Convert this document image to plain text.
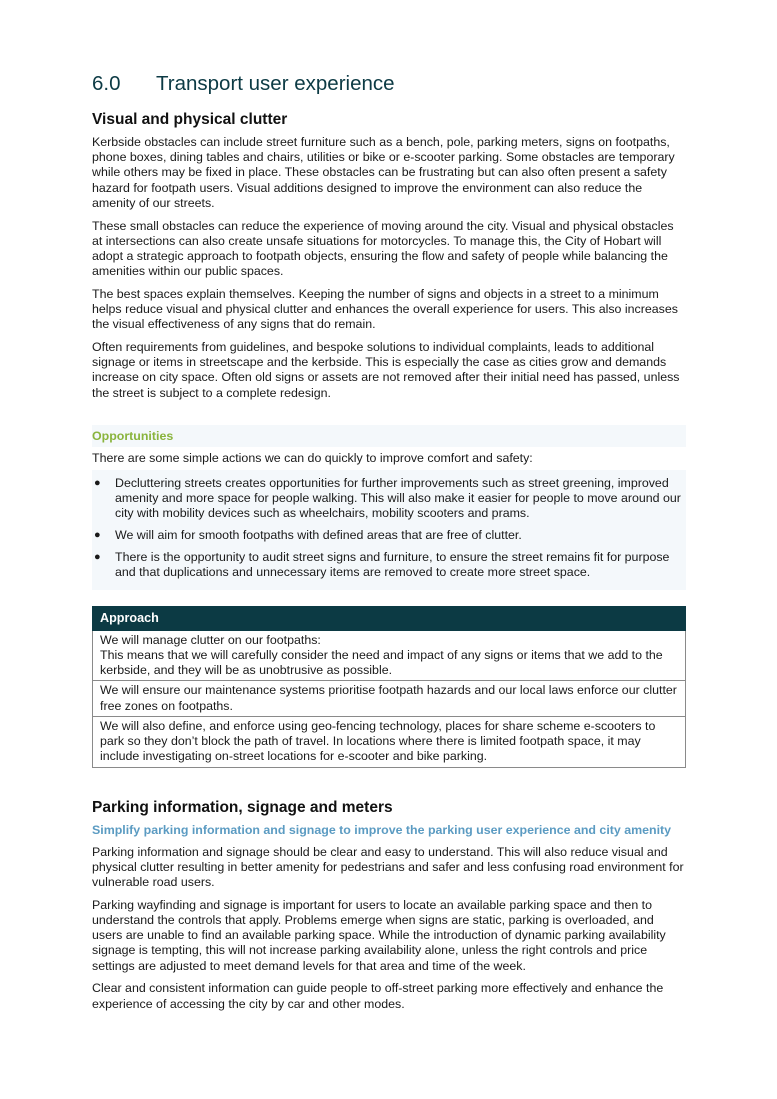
6.0	Transport user experience
Visual and physical clutter

Kerbside obstacles can include street furniture such as a bench, pole, parking meters, signs on footpaths, phone boxes, dining tables and chairs, utilities or bike or e-scooter parking. Some obstacles are temporary while others may be fixed in place. These obstacles can be frustrating but can also often present a safety hazard for footpath users. Visual additions designed to improve the environment can also reduce the amenity of our streets.

These small obstacles can reduce the experience of moving around the city. Visual and physical obstacles at intersections can also create unsafe situations for motorcycles. To manage this, the City of Hobart will adopt a strategic approach to footpath objects, ensuring the flow and safety of people while balancing the amenities within our public spaces.

The best spaces explain themselves. Keeping the number of signs and objects in a street to a minimum helps reduce visual and physical clutter and enhances the overall experience for users. This also increases the visual effectiveness of any signs that do remain.

Often requirements from guidelines, and bespoke solutions to individual complaints, leads to additional signage or items in streetscape and the kerbside. This is especially the case as cities grow and demands increase on city space. Often old signs or assets are not removed after their initial need has passed, unless the street is subject to a complete redesign.

Opportunities
There are some simple actions we can do quickly to improve comfort and safety:
● Decluttering streets creates opportunities for further improvements such as street greening, improved amenity and more space for people walking. This will also make it easier for people to move around our city with mobility devices such as wheelchairs, mobility scooters and prams.
● We will aim for smooth footpaths with defined areas that are free of clutter.
● There is the opportunity to audit street signs and furniture, to ensure the street remains fit for purpose and that duplications and unnecessary items are removed to create more street space.
Approach

We will manage clutter on our footpaths:
This means that we will carefully consider the need and impact of any signs or items that we add to the kerbside, and they will be as unobtrusive as possible.

We will ensure our maintenance systems prioritise footpath hazards and our local laws enforce our clutter free zones on footpaths.
We will also define, and enforce using geo-fencing technology, places for share scheme e-scooters to park so they don’t block the path of travel. In locations where there is limited footpath space, it may include investigating on-street locations for e-scooter and bike parking.
Parking information, signage and meters
Simplify parking information and signage to improve the parking user experience and city amenity

Parking information and signage should be clear and easy to understand. This will also reduce visual and physical clutter resulting in better amenity for pedestrians and safer and less confusing road environment for vulnerable road users.

Parking wayfinding and signage is important for users to locate an available parking space and then to understand the controls that apply. Problems emerge when signs are static, parking is overloaded, and users are unable to find an available parking space. While the introduction of dynamic parking availability signage is tempting, this will not increase parking availability alone, unless the right controls and price settings are adjusted to meet demand levels for that area and time of the week.

Clear and consistent information can guide people to off-street parking more effectively and enhance the experience of accessing the city by car and other modes.
